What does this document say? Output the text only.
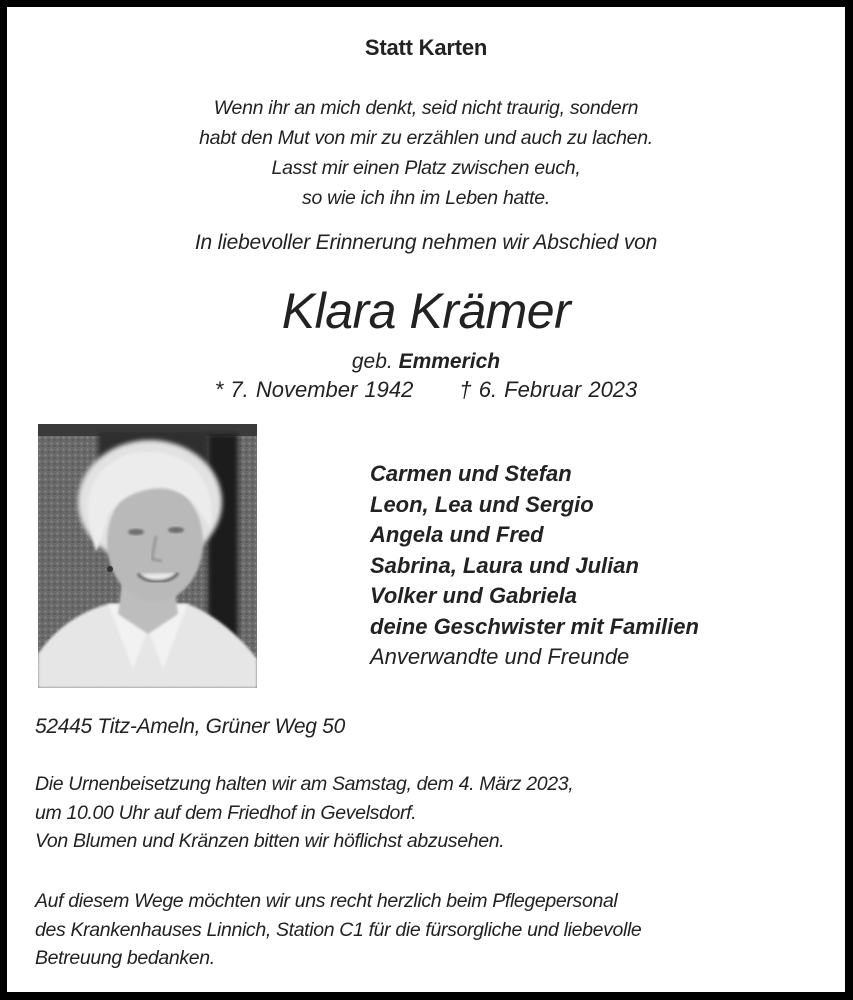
Statt Karten
Wenn ihr an mich denkt, seid nicht traurig, sondern
habt den Mut von mir zu erzählen und auch zu lachen.
Lasst mir einen Platz zwischen euch,
so wie ich ihn im Leben hatte.
In liebevoller Erinnerung nehmen wir Abschied von
Klara Krämer
geb. Emmerich
* 7. November 1942 † 6. Februar 2023
Carmen und Stefan
Leon, Lea und Sergio
Angela und Fred
Sabrina, Laura und Julian
Volker und Gabriela
deine Geschwister mit Familien
Anverwandte und Freunde
52445 Titz-Ameln, Grüner Weg 50
Die Urnenbeisetzung halten wir am Samstag, dem 4. März 2023,
um 10.00 Uhr auf dem Friedhof in Gevelsdorf.
Von Blumen und Kränzen bitten wir höflichst abzusehen.
Auf diesem Wege möchten wir uns recht herzlich beim Pflegepersonal
des Krankenhauses Linnich, Station C1 für die fürsorgliche und liebevolle
Betreuung bedanken.
